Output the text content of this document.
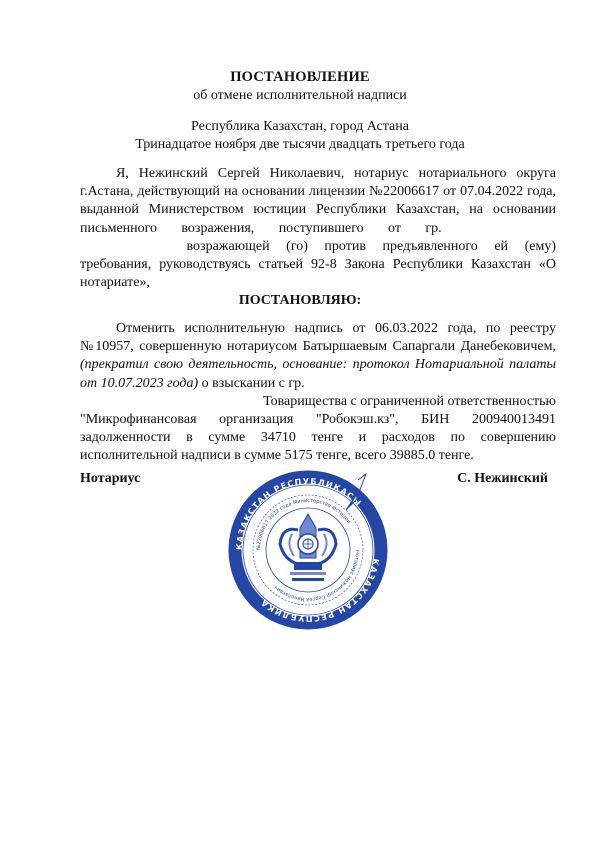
ПОСТАНОВЛЕНИЕ
об отмене исполнительной надписи
Республика Казахстан, город Астана
Тринадцатое ноября две тысячи двадцать третьего года
Я, Нежинский Сергей Николаевич, нотариус нотариального округа
г.Астана, действующий на основании лицензии №22006617 от 07.04.2022 года,
выданной Министерством юстиции Республики Казахстан, на основании
письменного возражения, поступившего от гр.
возражающей (го) против предъявленного ей (ему)
требования, руководствуясь статьей 92-8 Закона Республики Казахстан «О
нотариате»,
ПОСТАНОВЛЯЮ:
Отменить исполнительную надпись от 06.03.2022 года, по реестру
№10957, совершенную нотариусом Батыршаевым Сапаргали Данебековичем,
(прекратил свою деятельность, основание: протокол Нотариальной палаты
от 10.07.2023 года) о взыскании с гр.
Товарищества с ограниченной ответственностью
"Микрофинансовая организация "Робокэш.кз", БИН 200940013491
задолженности в сумме 34710 тенге и расходов по совершению
исполнительной надписи в сумме 5175 тенге, всего 39885.0 тенге.
Нотариус	С. Нежинский
ҚАЗАҚСТАН РЕСПУБЛИКАСЫ
КАЗАХСТАН РЕСПУБЛИКА
№22006617 2022 года Министерство юстиции
Нотариус Нежинский Сергей Николаевич
